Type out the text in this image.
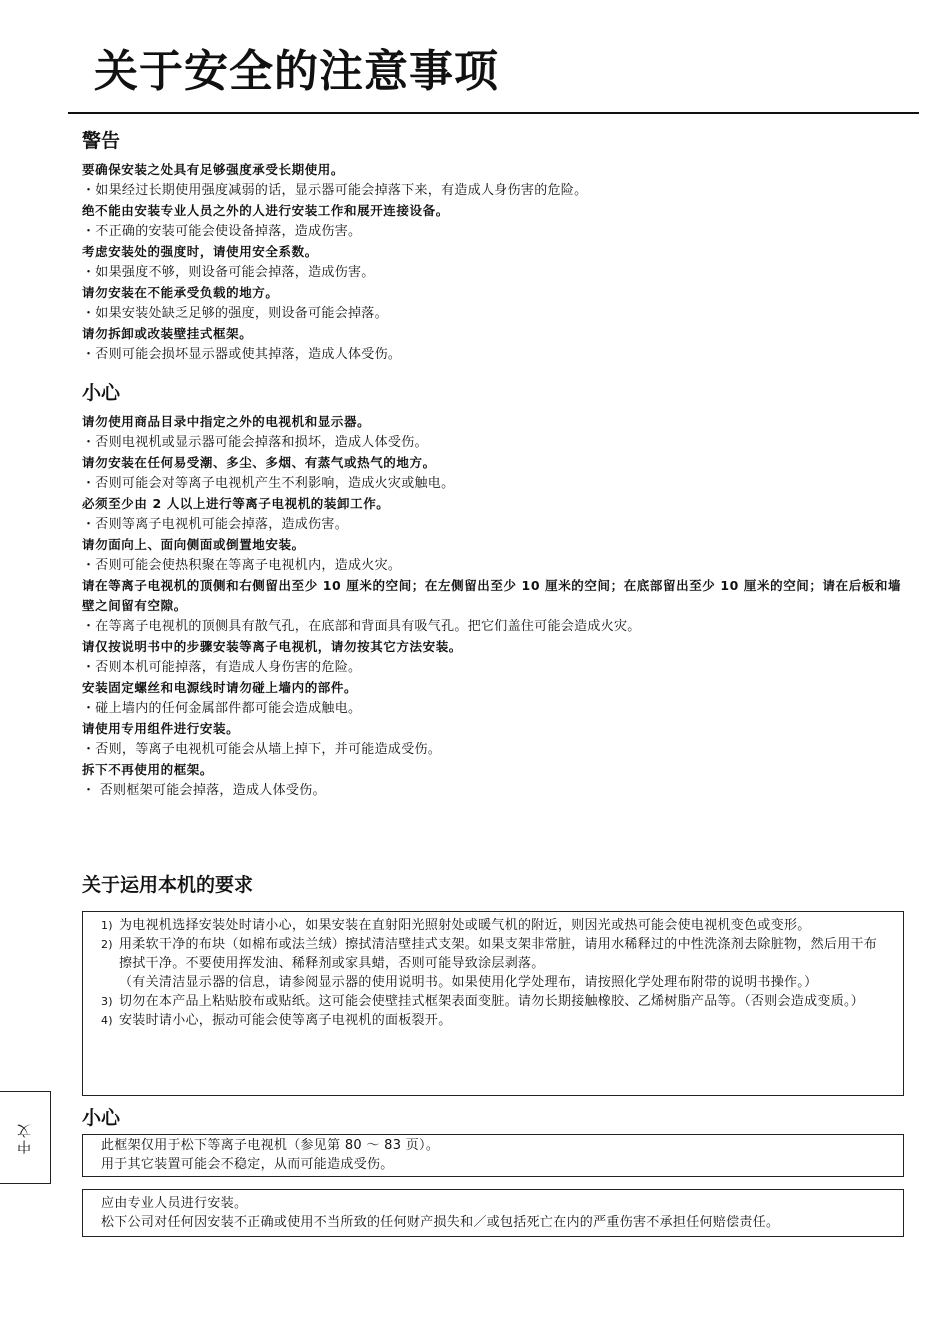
关于安全的注意事项
警告

要确保安装之处具有足够强度承受长期使用。

・如果经过长期使用强度减弱的话，显示器可能会掉落下来，有造成人身伤害的危险。

绝不能由安装专业人员之外的人进行安装工作和展开连接设备。

・不正确的安装可能会使设备掉落，造成伤害。

考虑安装处的强度时，请使用安全系数。

・如果强度不够，则设备可能会掉落，造成伤害。

请勿安装在不能承受负载的地方。

・如果安装处缺乏足够的强度，则设备可能会掉落。

请勿拆卸或改装壁挂式框架。

・否则可能会损坏显示器或使其掉落，造成人体受伤。

小心

请勿使用商品目录中指定之外的电视机和显示器。

・否则电视机或显示器可能会掉落和损坏，造成人体受伤。

请勿安装在任何易受潮、多尘、多烟、有蒸气或热气的地方。

・否则可能会对等离子电视机产生不利影响，造成火灾或触电。

必须至少由 2 人以上进行等离子电视机的装卸工作。

・否则等离子电视机可能会掉落，造成伤害。

请勿面向上、面向侧面或倒置地安装。

・否则可能会使热积聚在等离子电视机内，造成火灾。

请在等离子电视机的顶侧和右侧留出至少 10 厘米的空间；在左侧留出至少 10 厘米的空间；在底部留出至少 10 厘米的空间；请在后板和墙壁之间留有空隙。

・在等离子电视机的顶侧具有散气孔，在底部和背面具有吸气孔。把它们盖住可能会造成火灾。

请仅按说明书中的步骤安装等离子电视机，请勿按其它方法安装。

・否则本机可能掉落，有造成人身伤害的危险。

安装固定螺丝和电源线时请勿碰上墙内的部件。

・碰上墙内的任何金属部件都可能会造成触电。

请使用专用组件进行安装。

・否则，等离子电视机可能会从墙上掉下，并可能造成受伤。

拆下不再使用的框架。

・ 否则框架可能会掉落，造成人体受伤。

关于运用本机的要求
1) 为电视机选择安装处时请小心，如果安装在直射阳光照射处或暖气机的附近，则因光或热可能会使电视机变色或变形。
2) 用柔软干净的布块（如棉布或法兰绒）擦拭清洁壁挂式支架。如果支架非常脏，请用水稀释过的中性洗涤剂去除脏物，然后用干布擦拭干净。不要使用挥发油、稀释剂或家具蜡，否则可能导致涂层剥落。
（有关清洁显示器的信息，请参阅显示器的使用说明书。如果使用化学处理布，请按照化学处理布附带的说明书操作。）
3) 切勿在本产品上粘贴胶布或贴纸。这可能会使壁挂式框架表面变脏。请勿长期接触橡胶、乙烯树脂产品等。（否则会造成变质。）
4) 安装时请小心，振动可能会使等离子电视机的面板裂开。
小心
此框架仅用于松下等离子电视机（参见第 80 ～ 83 页）。
用于其它装置可能会不稳定，从而可能造成受伤。
应由专业人员进行安装。
松下公司对任何因安装不正确或使用不当所致的任何财产损失和／或包括死亡在内的严重伤害不承担任何赔偿责任。
中文
